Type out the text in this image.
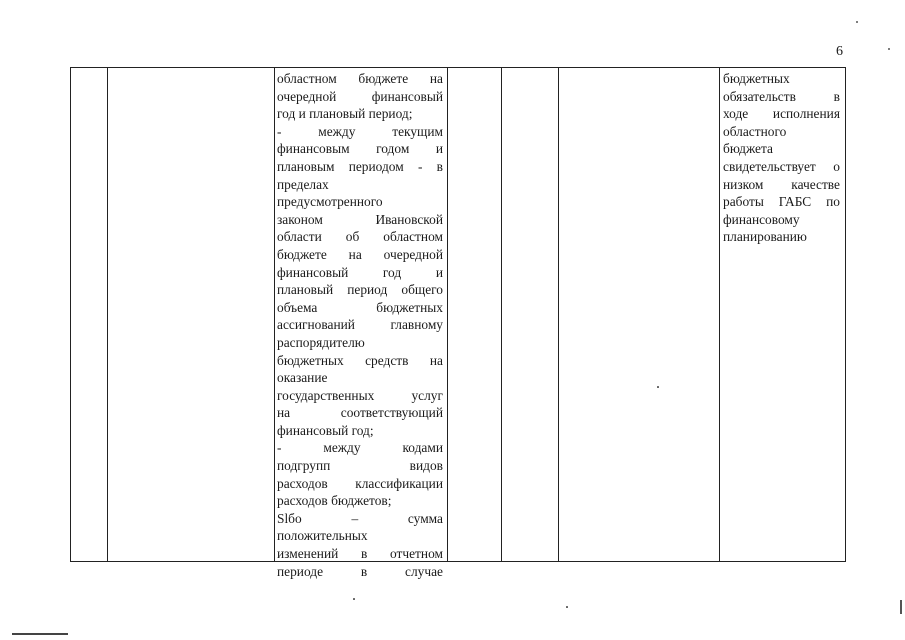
6
областном бюджете на
очередной финансовый
год и плановый период;
- между текущим
финансовым годом и
плановым периодом - в
пределах
предусмотренного
законом Ивановской
области об областном
бюджете на очередной
финансовый год и
плановый период общего
объема бюджетных
ассигнований главному
распорядителю
бюджетных средств на
оказание
государственных услуг
на соответствующий
финансовый год;
- между кодами
подгрупп видов
расходов классификации
расходов бюджетов;
Slбо – сумма
положительных
изменений в отчетном
периоде в случае
бюджетных
обязательств в
ходе исполнения
областного
бюджета
свидетельствует о
низком качестве
работы ГАБС по
финансовому
планированию
